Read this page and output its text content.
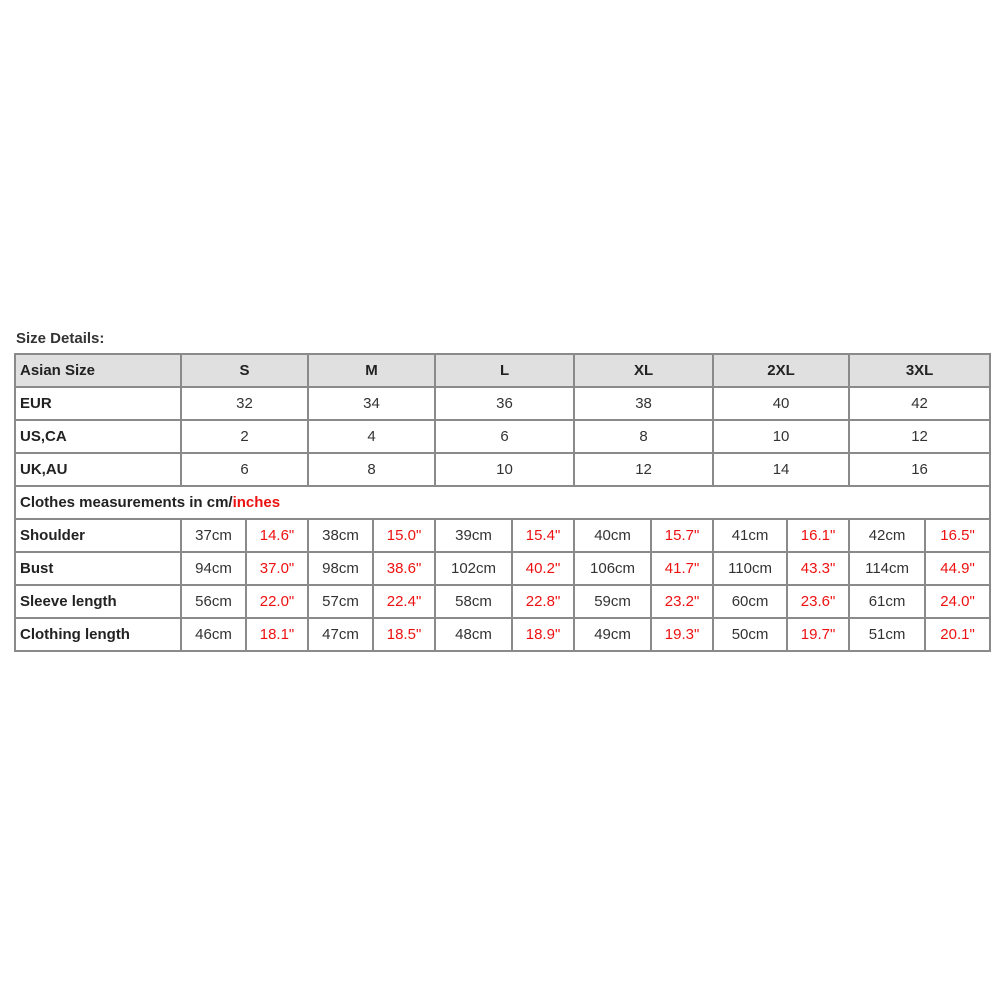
Size Details:
Asian Size	S		M		L		XL		2XL		3XL	
EUR	32		34		36		38		40		42	
US,CA	2		4		6		8		10		12	
UK,AU	6		8		10		12		14		16	
Clothes measurements in cm/inches												
Shoulder	37cm	14.6"	38cm	15.0"	39cm	15.4"	40cm	15.7"	41cm	16.1"	42cm	16.5"
Bust	94cm	37.0"	98cm	38.6"	102cm	40.2"	106cm	41.7"	110cm	43.3"	114cm	44.9"
Sleeve length	56cm	22.0"	57cm	22.4"	58cm	22.8"	59cm	23.2"	60cm	23.6"	61cm	24.0"
Clothing length	46cm	18.1"	47cm	18.5"	48cm	18.9"	49cm	19.3"	50cm	19.7"	51cm	20.1"
